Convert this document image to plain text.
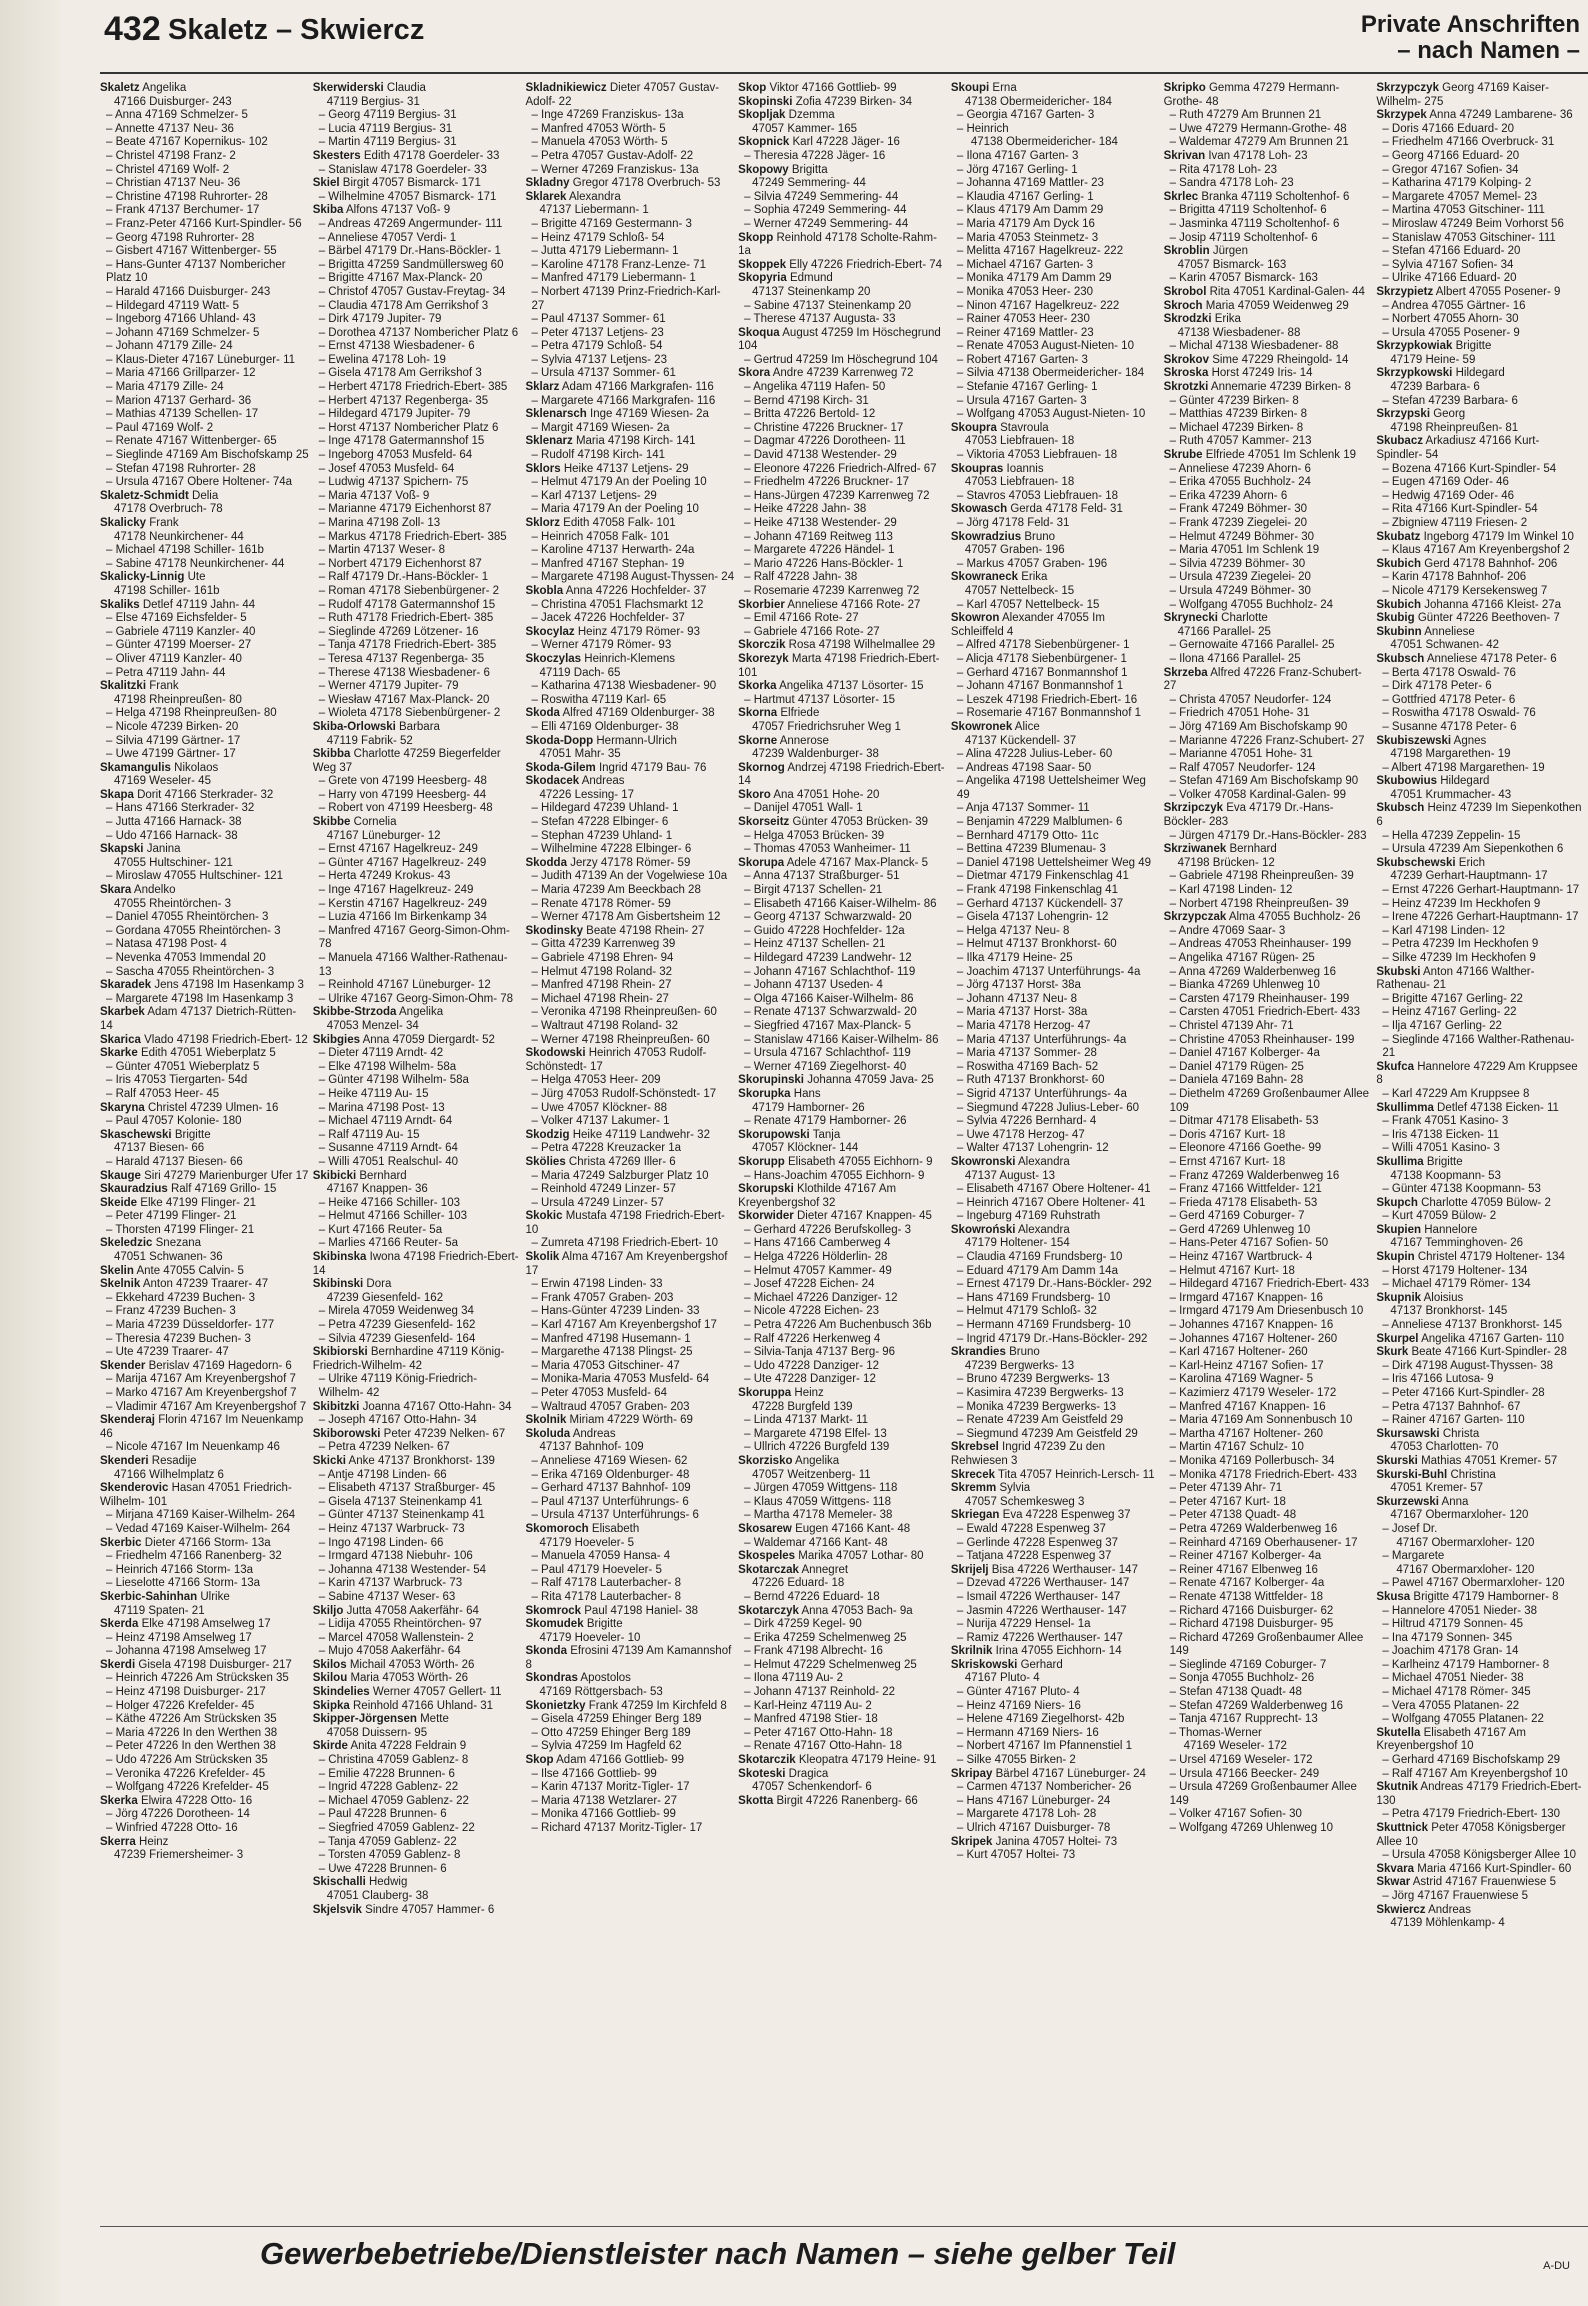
432 Skaletz – Skwiercz	Private Anschriften
– nach Namen –
Skaletz Angelika
47166 Duisburger- 243
– Anna 47169 Schmelzer- 5
– Annette 47137 Neu- 36
– Beate 47167 Kopernikus- 102
– Christel 47198 Franz- 2
– Christel 47169 Wolf- 2
– Christian 47137 Neu- 36
– Christine 47198 Ruhrorter- 28
– Frank 47137 Berchumer- 17
– Franz-Peter 47166 Kurt-Spindler- 56
– Georg 47198 Ruhrorter- 28
– Gisbert 47167 Wittenberger- 55
– Hans-Gunter 47137 Nombericher Platz 10
– Harald 47166 Duisburger- 243
– Hildegard 47119 Watt- 5
– Ingeborg 47166 Uhland- 43
– Johann 47169 Schmelzer- 5
– Johann 47179 Zille- 24
– Klaus-Dieter 47167 Lüneburger- 11
– Maria 47166 Grillparzer- 12
– Maria 47179 Zille- 24
– Marion 47137 Gerhard- 36
– Mathias 47139 Schellen- 17
– Paul 47169 Wolf- 2
– Renate 47167 Wittenberger- 65
– Sieglinde 47169 Am Bischofskamp 25
– Stefan 47198 Ruhrorter- 28
– Ursula 47167 Obere Holtener- 74a
Skaletz-Schmidt Delia
47178 Overbruch- 78
Skalicky Frank
47178 Neunkirchener- 44
– Michael 47198 Schiller- 161b
– Sabine 47178 Neunkirchener- 44
Skalicky-Linnig Ute
47198 Schiller- 161b
Skaliks Detlef 47119 Jahn- 44
– Else 47169 Eichsfelder- 5
– Gabriele 47119 Kanzler- 40
– Günter 47199 Moerser- 27
– Oliver 47119 Kanzler- 40
– Petra 47119 Jahn- 44
Skalitzki Frank
47198 Rheinpreußen- 80
– Helga 47198 Rheinpreußen- 80
– Nicole 47239 Birken- 20
– Silvia 47199 Gärtner- 17
– Uwe 47199 Gärtner- 17
Skamangulis Nikolaos
47169 Weseler- 45
Skapa Dorit 47166 Sterkrader- 32
– Hans 47166 Sterkrader- 32
– Jutta 47166 Harnack- 38
– Udo 47166 Harnack- 38
Skapski Janina
47055 Hultschiner- 121
– Miroslaw 47055 Hultschiner- 121
Skara Andelko
47055 Rheintörchen- 3
– Daniel 47055 Rheintörchen- 3
– Gordana 47055 Rheintörchen- 3
– Natasa 47198 Post- 4
– Nevenka 47053 Immendal 20
– Sascha 47055 Rheintörchen- 3
Skaradek Jens 47198 Im Hasenkamp 3
– Margarete 47198 Im Hasenkamp 3
Skarbek Adam 47137 Dietrich-Rütten- 14
Skarica Vlado 47198 Friedrich-Ebert- 12
Skarke Edith 47051 Wieberplatz 5
– Günter 47051 Wieberplatz 5
– Iris 47053 Tiergarten- 54d
– Ralf 47053 Heer- 45
Skaryna Christel 47239 Ulmen- 16
– Paul 47057 Kolonie- 180
Skaschewski Brigitte
47137 Biesen- 66
– Harald 47137 Biesen- 66
Skauge Siri 47279 Marienburger Ufer 17
Skauradzius Ralf 47169 Grillo- 15
Skeide Elke 47199 Flinger- 21
– Peter 47199 Flinger- 21
– Thorsten 47199 Flinger- 21
Skeledzic Snezana
47051 Schwanen- 36
Skelin Ante 47055 Calvin- 5
Skelnik Anton 47239 Traarer- 47
– Ekkehard 47239 Buchen- 3
– Franz 47239 Buchen- 3
– Maria 47239 Düsseldorfer- 177
– Theresia 47239 Buchen- 3
– Ute 47239 Traarer- 47
Skender Berislav 47169 Hagedorn- 6
– Marija 47167 Am Kreyenbergshof 7
– Marko 47167 Am Kreyenbergshof 7
– Vladimir 47167 Am Kreyenbergshof 7
Skenderaj Florin 47167 Im Neuenkamp 46
– Nicole 47167 Im Neuenkamp 46
Skenderi Resadije
47166 Wilhelmplatz 6
Skenderovic Hasan 47051 Friedrich-Wilhelm- 101
– Mirjana 47169 Kaiser-Wilhelm- 264
– Vedad 47169 Kaiser-Wilhelm- 264
Skerbic Dieter 47166 Storm- 13a
– Friedhelm 47166 Ranenberg- 32
– Heinrich 47166 Storm- 13a
– Lieselotte 47166 Storm- 13a
Skerbic-Sahinhan Ulrike
47119 Spaten- 21
Skerda Elke 47198 Amselweg 17
– Heinz 47198 Amselweg 17
– Johanna 47198 Amselweg 17
Skerdi Gisela 47198 Duisburger- 217
– Heinrich 47226 Am Strücksken 35
– Heinz 47198 Duisburger- 217
– Holger 47226 Krefelder- 45
– Käthe 47226 Am Strücksken 35
– Maria 47226 In den Werthen 38
– Peter 47226 In den Werthen 38
– Udo 47226 Am Strücksken 35
– Veronika 47226 Krefelder- 45
– Wolfgang 47226 Krefelder- 45
Skerka Elwira 47228 Otto- 16
– Jörg 47226 Dorotheen- 14
– Winfried 47228 Otto- 16
Skerra Heinz
47239 Friemersheimer- 3
Skerwiderski Claudia
47119 Bergius- 31
– Georg 47119 Bergius- 31
– Lucia 47119 Bergius- 31
– Martin 47119 Bergius- 31
Skesters Edith 47178 Goerdeler- 33
– Stanislaw 47178 Goerdeler- 33
Skiel Birgit 47057 Bismarck- 171
– Wilhelmine 47057 Bismarck- 171
Skiba Alfons 47137 Voß- 9
– Andreas 47269 Angermunder- 111
– Anneliese 47057 Verdi- 1
– Bärbel 47179 Dr.-Hans-Böckler- 1
– Brigitta 47259 Sandmüllersweg 60
– Brigitte 47167 Max-Planck- 20
– Christof 47057 Gustav-Freytag- 34
– Claudia 47178 Am Gerrikshof 3
– Dirk 47179 Jupiter- 79
– Dorothea 47137 Nombericher Platz 6
– Ernst 47138 Wiesbadener- 6
– Ewelina 47178 Loh- 19
– Gisela 47178 Am Gerrikshof 3
– Herbert 47178 Friedrich-Ebert- 385
– Herbert 47137 Regenberga- 35
– Hildegard 47179 Jupiter- 79
– Horst 47137 Nombericher Platz 6
– Inge 47178 Gatermannshof 15
– Ingeborg 47053 Musfeld- 64
– Josef 47053 Musfeld- 64
– Ludwig 47137 Spichern- 75
– Maria 47137 Voß- 9
– Marianne 47179 Eichenhorst 87
– Marina 47198 Zoll- 13
– Markus 47178 Friedrich-Ebert- 385
– Martin 47137 Weser- 8
– Norbert 47179 Eichenhorst 87
– Ralf 47179 Dr.-Hans-Böckler- 1
– Roman 47178 Siebenbürgener- 2
– Rudolf 47178 Gatermannshof 15
– Ruth 47178 Friedrich-Ebert- 385
– Sieglinde 47269 Lötzener- 16
– Tanja 47178 Friedrich-Ebert- 385
– Teresa 47137 Regenberga- 35
– Therese 47138 Wiesbadener- 6
– Werner 47179 Jupiter- 79
– Wiesław 47167 Max-Planck- 20
– Wioleta 47178 Siebenbürgener- 2
Skiba-Orlowski Barbara
47119 Fabrik- 52
Skibba Charlotte 47259 Biegerfelder Weg 37
– Grete von 47199 Heesberg- 48
– Harry von 47199 Heesberg- 44
– Robert von 47199 Heesberg- 48
Skibbe Cornelia
47167 Lüneburger- 12
– Ernst 47167 Hagelkreuz- 249
– Günter 47167 Hagelkreuz- 249
– Herta 47249 Krokus- 43
– Inge 47167 Hagelkreuz- 249
– Kerstin 47167 Hagelkreuz- 249
– Luzia 47166 Im Birkenkamp 34
– Manfred 47167 Georg-Simon-Ohm- 78
– Manuela 47166 Walther-Rathenau- 13
– Reinhold 47167 Lüneburger- 12
– Ulrike 47167 Georg-Simon-Ohm- 78
Skibbe-Strzoda Angelika
47053 Menzel- 34
Skibgies Anna 47059 Diergardt- 52
– Dieter 47119 Arndt- 42
– Elke 47198 Wilhelm- 58a
– Günter 47198 Wilhelm- 58a
– Heike 47119 Au- 15
– Marina 47198 Post- 13
– Michael 47119 Arndt- 64
– Ralf 47119 Au- 15
– Susanne 47119 Arndt- 64
– Willi 47051 Realschul- 40
Skibicki Bernhard
47167 Knappen- 36
– Heike 47166 Schiller- 103
– Helmut 47166 Schiller- 103
– Kurt 47166 Reuter- 5a
– Marlies 47166 Reuter- 5a
Skibinska Iwona 47198 Friedrich-Ebert- 14
Skibinski Dora
47239 Giesenfeld- 162
– Mirela 47059 Weidenweg 34
– Petra 47239 Giesenfeld- 162
– Silvia 47239 Giesenfeld- 164
Skibiorski Bernhardine 47119 König-Friedrich-Wilhelm- 42
– Ulrike 47119 König-Friedrich-Wilhelm- 42
Skibitzki Joanna 47167 Otto-Hahn- 34
– Joseph 47167 Otto-Hahn- 34
Skiborowski Peter 47239 Nelken- 67
– Petra 47239 Nelken- 67
Skicki Anke 47137 Bronkhorst- 139
– Antje 47198 Linden- 66
– Elisabeth 47137 Straßburger- 45
– Gisela 47137 Steinenkamp 41
– Günter 47137 Steinenkamp 41
– Heinz 47137 Warbruck- 73
– Ingo 47198 Linden- 66
– Irmgard 47138 Niebuhr- 106
– Johanna 47138 Westender- 54
– Karin 47137 Warbruck- 73
– Sabine 47137 Weser- 63
Skiljo Jutta 47058 Aakerfähr- 64
– Lidija 47055 Rheintörchen- 97
– Marcel 47058 Wallenstein- 2
– Mujo 47058 Aakerfähr- 64
Skilos Michail 47053 Wörth- 26
Skilou Maria 47053 Wörth- 26
Skindelies Werner 47057 Gellert- 11
Skipka Reinhold 47166 Uhland- 31
Skipper-Jörgensen Mette
47058 Duissern- 95
Skirde Anita 47228 Feldrain 9
– Christina 47059 Gablenz- 8
– Emilie 47228 Brunnen- 6
– Ingrid 47228 Gablenz- 22
– Michael 47059 Gablenz- 22
– Paul 47228 Brunnen- 6
– Siegfried 47059 Gablenz- 22
– Tanja 47059 Gablenz- 22
– Torsten 47059 Gablenz- 8
– Uwe 47228 Brunnen- 6
Skischalli Hedwig
47051 Clauberg- 38
Skjelsvik Sindre 47057 Hammer- 6
Skladnikiewicz Dieter 47057 Gustav-Adolf- 22
– Inge 47269 Franziskus- 13a
– Manfred 47053 Wörth- 5
– Manuela 47053 Wörth- 5
– Petra 47057 Gustav-Adolf- 22
– Werner 47269 Franziskus- 13a
Skladny Gregor 47178 Overbruch- 53
Sklarek Alexandra
47137 Liebermann- 1
– Brigitte 47169 Gestermann- 3
– Heinz 47179 Schloß- 54
– Jutta 47179 Liebermann- 1
– Karoline 47178 Franz-Lenze- 71
– Manfred 47179 Liebermann- 1
– Norbert 47139 Prinz-Friedrich-Karl- 27
– Paul 47137 Sommer- 61
– Peter 47137 Letjens- 23
– Petra 47179 Schloß- 54
– Sylvia 47137 Letjens- 23
– Ursula 47137 Sommer- 61
Sklarz Adam 47166 Markgrafen- 116
– Margarete 47166 Markgrafen- 116
Sklenarsch Inge 47169 Wiesen- 2a
– Margit 47169 Wiesen- 2a
Sklenarz Maria 47198 Kirch- 141
– Rudolf 47198 Kirch- 141
Sklors Heike 47137 Letjens- 29
– Helmut 47179 An der Poeling 10
– Karl 47137 Letjens- 29
– Maria 47179 An der Poeling 10
Sklorz Edith 47058 Falk- 101
– Heinrich 47058 Falk- 101
– Karoline 47137 Herwarth- 24a
– Manfred 47167 Stephan- 19
– Margarete 47198 August-Thyssen- 24
Skobla Anna 47226 Hochfelder- 37
– Christina 47051 Flachsmarkt 12
– Jacek 47226 Hochfelder- 37
Skocylaz Heinz 47179 Römer- 93
– Werner 47179 Römer- 93
Skoczylas Heinrich-Klemens
47119 Dach- 65
– Katharina 47138 Wiesbadener- 90
– Roswitha 47119 Karl- 65
Skoda Alfred 47169 Oldenburger- 38
– Elli 47169 Oldenburger- 38
Skoda-Dopp Hermann-Ulrich
47051 Mahr- 35
Skoda-Gilem Ingrid 47179 Bau- 76
Skodacek Andreas
47226 Lessing- 17
– Hildegard 47239 Uhland- 1
– Stefan 47228 Elbinger- 6
– Stephan 47239 Uhland- 1
– Wilhelmine 47228 Elbinger- 6
Skodda Jerzy 47178 Römer- 59
– Judith 47139 An der Vogelwiese 10a
– Maria 47239 Am Beeckbach 28
– Renate 47178 Römer- 59
– Werner 47178 Am Gisbertsheim 12
Skodinsky Beate 47198 Rhein- 27
– Gitta 47239 Karrenweg 39
– Gabriele 47198 Ehren- 94
– Helmut 47198 Roland- 32
– Manfred 47198 Rhein- 27
– Michael 47198 Rhein- 27
– Veronika 47198 Rheinpreußen- 60
– Waltraut 47198 Roland- 32
– Werner 47198 Rheinpreußen- 60
Skodowski Heinrich 47053 Rudolf-Schönstedt- 17
– Helga 47053 Heer- 209
– Jürg 47053 Rudolf-Schönstedt- 17
– Uwe 47057 Klöckner- 88
– Volker 47137 Lakumer- 1
Skodzig Heike 47119 Landwehr- 32
– Petra 47228 Kreuzacker 1a
Skölies Christa 47269 Iller- 6
– Maria 47249 Salzburger Platz 10
– Reinhold 47249 Linzer- 57
– Ursula 47249 Linzer- 57
Skokic Mustafa 47198 Friedrich-Ebert- 10
– Zumreta 47198 Friedrich-Ebert- 10
Skolik Alma 47167 Am Kreyenbergshof 17
– Erwin 47198 Linden- 33
– Frank 47057 Graben- 203
– Hans-Günter 47239 Linden- 33
– Karl 47167 Am Kreyenbergshof 17
– Manfred 47198 Husemann- 1
– Margarethe 47138 Plingst- 25
– Maria 47053 Gitschiner- 47
– Monika-Maria 47053 Musfeld- 64
– Peter 47053 Musfeld- 64
– Waltraud 47057 Graben- 203
Skolnik Miriam 47229 Wörth- 69
Skoluda Andreas
47137 Bahnhof- 109
– Anneliese 47169 Wiesen- 62
– Erika 47169 Oldenburger- 48
– Gerhard 47137 Bahnhof- 109
– Paul 47137 Unterführungs- 6
– Ursula 47137 Unterführungs- 6
Skomoroch Elisabeth
47179 Hoeveler- 5
– Manuela 47059 Hansa- 4
– Paul 47179 Hoeveler- 5
– Ralf 47178 Lauterbacher- 8
– Rita 47178 Lauterbacher- 8
Skomrock Paul 47198 Haniel- 38
Skomudek Brigitte
47179 Hoeveler- 10
Skonda Efrosini 47139 Am Kamannshof 8
Skondras Apostolos
47169 Röttgersbach- 53
Skonietzky Frank 47259 Im Kirchfeld 8
– Gisela 47259 Ehinger Berg 189
– Otto 47259 Ehinger Berg 189
– Sylvia 47259 Im Hagfeld 62
Skop Adam 47166 Gottlieb- 99
– Ilse 47166 Gottlieb- 99
– Karin 47137 Moritz-Tigler- 17
– Maria 47138 Wetzlarer- 27
– Monika 47166 Gottlieb- 99
– Richard 47137 Moritz-Tigler- 17
Skop Viktor 47166 Gottlieb- 99
Skopinski Zofia 47239 Birken- 34
Skopljak Dzemma
47057 Kammer- 165
Skopnick Karl 47228 Jäger- 16
– Theresia 47228 Jäger- 16
Skopowy Brigitta
47249 Semmering- 44
– Silvia 47249 Semmering- 44
– Sophia 47249 Semmering- 44
– Werner 47249 Semmering- 44
Skopp Reinhold 47178 Scholte-Rahm- 1a
Skoppek Elly 47226 Friedrich-Ebert- 74
Skopyria Edmund
47137 Steinenkamp 20
– Sabine 47137 Steinenkamp 20
– Therese 47137 Augusta- 33
Skoqua August 47259 Im Höschegrund 104
– Gertrud 47259 Im Höschegrund 104
Skora Andre 47239 Karrenweg 72
– Angelika 47119 Hafen- 50
– Bernd 47198 Kirch- 31
– Britta 47226 Bertold- 12
– Christine 47226 Bruckner- 17
– Dagmar 47226 Dorotheen- 11
– David 47138 Westender- 29
– Eleonore 47226 Friedrich-Alfred- 67
– Friedhelm 47226 Bruckner- 17
– Hans-Jürgen 47239 Karrenweg 72
– Heike 47228 Jahn- 38
– Heike 47138 Westender- 29
– Johann 47169 Reitweg 113
– Margarete 47226 Händel- 1
– Mario 47226 Hans-Böckler- 1
– Ralf 47228 Jahn- 38
– Rosemarie 47239 Karrenweg 72
Skorbier Anneliese 47166 Rote- 27
– Emil 47166 Rote- 27
– Gabriele 47166 Rote- 27
Skorczik Rosa 47198 Wilhelmallee 29
Skorezyk Marta 47198 Friedrich-Ebert- 101
Skorka Angelika 47137 Lösorter- 15
– Hartmut 47137 Lösorter- 15
Skorna Elfriede
47057 Friedrichsruher Weg 1
Skorne Annerose
47239 Waldenburger- 38
Skornog Andrzej 47198 Friedrich-Ebert- 14
Skoro Ana 47051 Hohe- 20
– Danijel 47051 Wall- 1
Skorseitz Günter 47053 Brücken- 39
– Helga 47053 Brücken- 39
– Thomas 47053 Wanheimer- 11
Skorupa Adele 47167 Max-Planck- 5
– Anna 47137 Straßburger- 51
– Birgit 47137 Schellen- 21
– Elisabeth 47166 Kaiser-Wilhelm- 86
– Georg 47137 Schwarzwald- 20
– Guido 47228 Hochfelder- 12a
– Heinz 47137 Schellen- 21
– Hildegard 47239 Landwehr- 12
– Johann 47167 Schlachthof- 119
– Johann 47137 Useden- 4
– Olga 47166 Kaiser-Wilhelm- 86
– Renate 47137 Schwarzwald- 20
– Siegfried 47167 Max-Planck- 5
– Stanislaw 47166 Kaiser-Wilhelm- 86
– Ursula 47167 Schlachthof- 119
– Werner 47169 Ziegelhorst- 40
Skorupinski Johanna 47059 Java- 25
Skorupka Hans
47179 Hamborner- 26
– Renate 47179 Hamborner- 26
Skorupowski Tanja
47057 Klöckner- 144
Skorupp Elisabeth 47055 Eichhorn- 9
– Hans-Joachim 47055 Eichhorn- 9
Skorupski Klothilde 47167 Am Kreyenbergshof 32
Skorwider Dieter 47167 Knappen- 45
– Gerhard 47226 Berufskolleg- 3
– Hans 47166 Camberweg 4
– Helga 47226 Hölderlin- 28
– Helmut 47057 Kammer- 49
– Josef 47228 Eichen- 24
– Michael 47226 Danziger- 12
– Nicole 47228 Eichen- 23
– Petra 47226 Am Buchenbusch 36b
– Ralf 47226 Herkenweg 4
– Silvia-Tanja 47137 Berg- 96
– Udo 47228 Danziger- 12
– Ute 47228 Danziger- 12
Skoruppa Heinz
47228 Burgfeld 139
– Linda 47137 Markt- 11
– Margarete 47198 Elfel- 13
– Ullrich 47226 Burgfeld 139
Skorzisko Angelika
47057 Weitzenberg- 11
– Jürgen 47059 Wittgens- 118
– Klaus 47059 Wittgens- 118
– Martha 47178 Memeler- 38
Skosarew Eugen 47166 Kant- 48
– Waldemar 47166 Kant- 48
Skospeles Marika 47057 Lothar- 80
Skotarczak Annegret
47226 Eduard- 18
– Bernd 47226 Eduard- 18
Skotarczyk Anna 47053 Bach- 9a
– Dirk 47259 Kegel- 90
– Erika 47259 Schelmenweg 25
– Frank 47198 Albrecht- 16
– Helmut 47229 Schelmenweg 25
– Ilona 47119 Au- 2
– Johann 47137 Reinhold- 22
– Karl-Heinz 47119 Au- 2
– Manfred 47198 Stier- 18
– Peter 47167 Otto-Hahn- 18
– Renate 47167 Otto-Hahn- 18
Skotarczik Kleopatra 47179 Heine- 91
Skoteski Dragica
47057 Schenkendorf- 6
Skotta Birgit 47226 Ranenberg- 66
Skoupi Erna
47138 Obermeidericher- 184
– Georgia 47167 Garten- 3
– Heinrich
47138 Obermeidericher- 184
– Ilona 47167 Garten- 3
– Jörg 47167 Gerling- 1
– Johanna 47169 Mattler- 23
– Klaudia 47167 Gerling- 1
– Klaus 47179 Am Damm 29
– Maria 47179 Am Dyck 16
– Maria 47053 Steinmetz- 3
– Melitta 47167 Hagelkreuz- 222
– Michael 47167 Garten- 3
– Monika 47179 Am Damm 29
– Monika 47053 Heer- 230
– Ninon 47167 Hagelkreuz- 222
– Rainer 47053 Heer- 230
– Reiner 47169 Mattler- 23
– Renate 47053 August-Nieten- 10
– Robert 47167 Garten- 3
– Silvia 47138 Obermeidericher- 184
– Stefanie 47167 Gerling- 1
– Ursula 47167 Garten- 3
– Wolfgang 47053 August-Nieten- 10
Skoupra Stavroula
47053 Liebfrauen- 18
– Viktoria 47053 Liebfrauen- 18
Skoupras Ioannis
47053 Liebfrauen- 18
– Stavros 47053 Liebfrauen- 18
Skowasch Gerda 47178 Feld- 31
– Jörg 47178 Feld- 31
Skowradzius Bruno
47057 Graben- 196
– Markus 47057 Graben- 196
Skowraneck Erika
47057 Nettelbeck- 15
– Karl 47057 Nettelbeck- 15
Skowron Alexander 47055 Im Schleiffeld 4
– Alfred 47178 Siebenbürgener- 1
– Alicja 47178 Siebenbürgener- 1
– Gerhard 47167 Bonmannshof 1
– Johann 47167 Bonmannshof 1
– Leszek 47198 Friedrich-Ebert- 16
– Rosemarie 47167 Bonmannshof 1
Skowronek Alice
47137 Kückendell- 37
– Alina 47228 Julius-Leber- 60
– Andreas 47198 Saar- 50
– Angelika 47198 Uettelsheimer Weg 49
– Anja 47137 Sommer- 11
– Benjamin 47229 Malblumen- 6
– Bernhard 47179 Otto- 11c
– Bettina 47239 Blumenau- 3
– Daniel 47198 Uettelsheimer Weg 49
– Dietmar 47179 Finkenschlag 41
– Frank 47198 Finkenschlag 41
– Gerhard 47137 Kückendell- 37
– Gisela 47137 Lohengrin- 12
– Helga 47137 Neu- 8
– Helmut 47137 Bronkhorst- 60
– Ilka 47179 Heine- 25
– Joachim 47137 Unterführungs- 4a
– Jörg 47137 Horst- 38a
– Johann 47137 Neu- 8
– Maria 47137 Horst- 38a
– Maria 47178 Herzog- 47
– Maria 47137 Unterführungs- 4a
– Maria 47137 Sommer- 28
– Roswitha 47169 Bach- 52
– Ruth 47137 Bronkhorst- 60
– Sigrid 47137 Unterführungs- 4a
– Siegmund 47228 Julius-Leber- 60
– Sylvia 47226 Bernhard- 4
– Uwe 47178 Herzog- 47
– Walter 47137 Lohengrin- 12
Skowronski Alexandra
47137 August- 13
– Elisabeth 47167 Obere Holtener- 41
– Heinrich 47167 Obere Holtener- 41
– Ingeburg 47169 Ruhstrath
Skowroński Alexandra
47179 Holtener- 154
– Claudia 47169 Frundsberg- 10
– Eduard 47179 Am Damm 14a
– Ernest 47179 Dr.-Hans-Böckler- 292
– Hans 47169 Frundsberg- 10
– Helmut 47179 Schloß- 32
– Hermann 47169 Frundsberg- 10
– Ingrid 47179 Dr.-Hans-Böckler- 292
Skrandies Bruno
47239 Bergwerks- 13
– Bruno 47239 Bergwerks- 13
– Kasimira 47239 Bergwerks- 13
– Monika 47239 Bergwerks- 13
– Renate 47239 Am Geistfeld 29
– Siegmund 47239 Am Geistfeld 29
Skrebsel Ingrid 47239 Zu den Rehwiesen 3
Skrecek Tita 47057 Heinrich-Lersch- 11
Skremm Sylvia
47057 Schemkesweg 3
Skriegan Eva 47228 Espenweg 37
– Ewald 47228 Espenweg 37
– Gerlinde 47228 Espenweg 37
– Tatjana 47228 Espenweg 37
Skrijelj Bisa 47226 Werthauser- 147
– Dzevad 47226 Werthauser- 147
– Ismail 47226 Werthauser- 147
– Jasmin 47226 Werthauser- 147
– Nurija 47229 Hensel- 1a
– Ramiz 47226 Werthauser- 147
Skrilnik Irina 47055 Eichhorn- 14
Skriskowski Gerhard
47167 Pluto- 4
– Günter 47167 Pluto- 4
– Heinz 47169 Niers- 16
– Helene 47169 Ziegelhorst- 42b
– Hermann 47169 Niers- 16
– Norbert 47167 Im Pfannenstiel 1
– Silke 47055 Birken- 2
Skripay Bärbel 47167 Lüneburger- 24
– Carmen 47137 Nombericher- 26
– Hans 47167 Lüneburger- 24
– Margarete 47178 Loh- 28
– Ulrich 47167 Duisburger- 78
Skripek Janina 47057 Holtei- 73
– Kurt 47057 Holtei- 73
Skripko Gemma 47279 Hermann-Grothe- 48
– Ruth 47279 Am Brunnen 21
– Uwe 47279 Hermann-Grothe- 48
– Waldemar 47279 Am Brunnen 21
Skrivan Ivan 47178 Loh- 23
– Rita 47178 Loh- 23
– Sandra 47178 Loh- 23
Skrlec Branka 47119 Scholtenhof- 6
– Brigitta 47119 Scholtenhof- 6
– Jasminka 47119 Scholtenhof- 6
– Josip 47119 Scholtenhof- 6
Skroblin Jürgen
47057 Bismarck- 163
– Karin 47057 Bismarck- 163
Skrobol Rita 47051 Kardinal-Galen- 44
Skroch Maria 47059 Weidenweg 29
Skrodzki Erika
47138 Wiesbadener- 88
– Michal 47138 Wiesbadener- 88
Skrokov Sime 47229 Rheingold- 14
Skroska Horst 47249 Iris- 14
Skrotzki Annemarie 47239 Birken- 8
– Günter 47239 Birken- 8
– Matthias 47239 Birken- 8
– Michael 47239 Birken- 8
– Ruth 47057 Kammer- 213
Skrube Elfriede 47051 Im Schlenk 19
– Anneliese 47239 Ahorn- 6
– Erika 47055 Buchholz- 24
– Erika 47239 Ahorn- 6
– Frank 47249 Böhmer- 30
– Frank 47239 Ziegelei- 20
– Helmut 47249 Böhmer- 30
– Maria 47051 Im Schlenk 19
– Silvia 47239 Böhmer- 30
– Ursula 47239 Ziegelei- 20
– Ursula 47249 Böhmer- 30
– Wolfgang 47055 Buchholz- 24
Skrynecki Charlotte
47166 Parallel- 25
– Gernowaite 47166 Parallel- 25
– Ilona 47166 Parallel- 25
Skrzeba Alfred 47226 Franz-Schubert- 27
– Christa 47057 Neudorfer- 124
– Friedrich 47051 Hohe- 31
– Jörg 47169 Am Bischofskamp 90
– Marianne 47226 Franz-Schubert- 27
– Marianne 47051 Hohe- 31
– Ralf 47057 Neudorfer- 124
– Stefan 47169 Am Bischofskamp 90
– Volker 47058 Kardinal-Galen- 99
Skrzipczyk Eva 47179 Dr.-Hans-Böckler- 283
– Jürgen 47179 Dr.-Hans-Böckler- 283
Skrziwanek Bernhard
47198 Brücken- 12
– Gabriele 47198 Rheinpreußen- 39
– Karl 47198 Linden- 12
– Norbert 47198 Rheinpreußen- 39
Skrzypczak Alma 47055 Buchholz- 26
– Andre 47069 Saar- 3
– Andreas 47053 Rheinhauser- 199
– Angelika 47167 Rügen- 25
– Anna 47269 Walderbenweg 16
– Bianka 47269 Uhlenweg 10
– Carsten 47179 Rheinhauser- 199
– Carsten 47051 Friedrich-Ebert- 433
– Christel 47139 Ahr- 71
– Christine 47053 Rheinhauser- 199
– Daniel 47167 Kolberger- 4a
– Daniel 47179 Rügen- 25
– Daniela 47169 Bahn- 28
– Diethelm 47269 Großenbaumer Allee 109
– Ditmar 47178 Elisabeth- 53
– Doris 47167 Kurt- 18
– Eleonore 47166 Goethe- 99
– Ernst 47167 Kurt- 18
– Franz 47269 Walderbenweg 16
– Franz 47166 Wittfelder- 121
– Frieda 47178 Elisabeth- 53
– Gerd 47169 Coburger- 7
– Gerd 47269 Uhlenweg 10
– Hans-Peter 47167 Sofien- 50
– Heinz 47167 Wartbruck- 4
– Helmut 47167 Kurt- 18
– Hildegard 47167 Friedrich-Ebert- 433
– Irmgard 47167 Knappen- 16
– Irmgard 47179 Am Driesenbusch 10
– Johannes 47167 Knappen- 16
– Johannes 47167 Holtener- 260
– Karl 47167 Holtener- 260
– Karl-Heinz 47167 Sofien- 17
– Karolina 47169 Wagner- 5
– Kazimierz 47179 Weseler- 172
– Manfred 47167 Knappen- 16
– Maria 47169 Am Sonnenbusch 10
– Martha 47167 Holtener- 260
– Martin 47167 Schulz- 10
– Monika 47169 Pollerbusch- 34
– Monika 47178 Friedrich-Ebert- 433
– Peter 47139 Ahr- 71
– Peter 47167 Kurt- 18
– Peter 47138 Quadt- 48
– Petra 47269 Walderbenweg 16
– Reinhard 47169 Oberhausener- 17
– Reiner 47167 Kolberger- 4a
– Reiner 47167 Elbenweg 16
– Renate 47167 Kolberger- 4a
– Renate 47138 Wittfelder- 18
– Richard 47166 Duisburger- 62
– Richard 47198 Duisburger- 95
– Richard 47269 Großenbaumer Allee 149
– Sieglinde 47169 Coburger- 7
– Sonja 47055 Buchholz- 26
– Stefan 47138 Quadt- 48
– Stefan 47269 Walderbenweg 16
– Tanja 47167 Rupprecht- 13
– Thomas-Werner
47169 Weseler- 172
– Ursel 47169 Weseler- 172
– Ursula 47166 Beecker- 249
– Ursula 47269 Großenbaumer Allee 149
– Volker 47167 Sofien- 30
– Wolfgang 47269 Uhlenweg 10
Skrzypczyk Georg 47169 Kaiser-Wilhelm- 275
Skrzypek Anna 47249 Lambarene- 36
– Doris 47166 Eduard- 20
– Friedhelm 47166 Overbruck- 31
– Georg 47166 Eduard- 20
– Gregor 47167 Sofien- 34
– Katharina 47179 Kolping- 2
– Margarete 47057 Memel- 23
– Martina 47053 Gitschiner- 111
– Miroslaw 47249 Beim Vorhorst 56
– Stanislaw 47053 Gitschiner- 111
– Stefan 47166 Eduard- 20
– Sylvia 47167 Sofien- 34
– Ulrike 47166 Eduard- 20
Skrzypietz Albert 47055 Posener- 9
– Andrea 47055 Gärtner- 16
– Norbert 47055 Ahorn- 30
– Ursula 47055 Posener- 9
Skrzypkowiak Brigitte
47179 Heine- 59
Skrzypkowski Hildegard
47239 Barbara- 6
– Stefan 47239 Barbara- 6
Skrzypski Georg
47198 Rheinpreußen- 81
Skubacz Arkadiusz 47166 Kurt-Spindler- 54
– Bozena 47166 Kurt-Spindler- 54
– Eugen 47169 Oder- 46
– Hedwig 47169 Oder- 46
– Rita 47166 Kurt-Spindler- 54
– Zbigniew 47119 Friesen- 2
Skubatz Ingeborg 47179 Im Winkel 10
– Klaus 47167 Am Kreyenbergshof 2
Skubich Gerd 47178 Bahnhof- 206
– Karin 47178 Bahnhof- 206
– Nicole 47179 Kersekensweg 7
Skubich Johanna 47166 Kleist- 27a
Skubig Günter 47226 Beethoven- 7
Skubinn Anneliese
47051 Schwanen- 42
Skubsch Anneliese 47178 Peter- 6
– Berta 47178 Oswald- 76
– Dirk 47178 Peter- 6
– Gottfried 47178 Peter- 6
– Roswitha 47178 Oswald- 76
– Susanne 47178 Peter- 6
Skubiszewski Agnes
47198 Margarethen- 19
– Albert 47198 Margarethen- 19
Skubowius Hildegard
47051 Krummacher- 43
Skubsch Heinz 47239 Im Siepenkothen 6
– Hella 47239 Zeppelin- 15
– Ursula 47239 Am Siepenkothen 6
Skubschewski Erich
47239 Gerhart-Hauptmann- 17
– Ernst 47226 Gerhart-Hauptmann- 17
– Heinz 47239 Im Heckhofen 9
– Irene 47226 Gerhart-Hauptmann- 17
– Karl 47198 Linden- 12
– Petra 47239 Im Heckhofen 9
– Silke 47239 Im Heckhofen 9
Skubski Anton 47166 Walther-Rathenau- 21
– Brigitte 47167 Gerling- 22
– Heinz 47167 Gerling- 22
– Ilja 47167 Gerling- 22
– Sieglinde 47166 Walther-Rathenau- 21
Skufca Hannelore 47229 Am Kruppsee 8
– Karl 47229 Am Kruppsee 8
Skullimma Detlef 47138 Eicken- 11
– Frank 47051 Kasino- 3
– Iris 47138 Eicken- 11
– Willi 47051 Kasino- 3
Skullima Brigitte
47138 Koopmann- 53
– Günter 47138 Koopmann- 53
Skupch Charlotte 47059 Bülow- 2
– Kurt 47059 Bülow- 2
Skupien Hannelore
47167 Temminghoven- 26
Skupin Christel 47179 Holtener- 134
– Horst 47179 Holtener- 134
– Michael 47179 Römer- 134
Skupnik Aloisius
47137 Bronkhorst- 145
– Anneliese 47137 Bronkhorst- 145
Skurpel Angelika 47167 Garten- 110
Skurk Beate 47166 Kurt-Spindler- 28
– Dirk 47198 August-Thyssen- 38
– Iris 47166 Lutosa- 9
– Peter 47166 Kurt-Spindler- 28
– Petra 47137 Bahnhof- 67
– Rainer 47167 Garten- 110
Skursawski Christa
47053 Charlotten- 70
Skurski Mathias 47051 Kremer- 57
Skurski-Buhl Christina
47051 Kremer- 57
Skurzewski Anna
47167 Obermarxloher- 120
– Josef Dr.
47167 Obermarxloher- 120
– Margarete
47167 Obermarxloher- 120
– Pawel 47167 Obermarxloher- 120
Skusa Brigitte 47179 Hamborner- 8
– Hannelore 47051 Nieder- 38
– Hiltrud 47179 Sonnen- 45
– Ina 47179 Sonnen- 345
– Joachim 47178 Gran- 14
– Karlheinz 47179 Hamborner- 8
– Michael 47051 Nieder- 38
– Michael 47178 Römer- 345
– Vera 47055 Platanen- 22
– Wolfgang 47055 Platanen- 22
Skutella Elisabeth 47167 Am Kreyenbergshof 10
– Gerhard 47169 Bischofskamp 29
– Ralf 47167 Am Kreyenbergshof 10
Skutnik Andreas 47179 Friedrich-Ebert- 130
– Petra 47179 Friedrich-Ebert- 130
Skuttnick Peter 47058 Königsberger Allee 10
– Ursula 47058 Königsberger Allee 10
Skvara Maria 47166 Kurt-Spindler- 60
Skwar Astrid 47167 Frauenwiese 5
– Jörg 47167 Frauenwiese 5
Skwiercz Andreas
47139 Möhlenkamp- 4
Gewerbebetriebe/Dienstleister nach Namen – siehe gelber Teil	A-DU
